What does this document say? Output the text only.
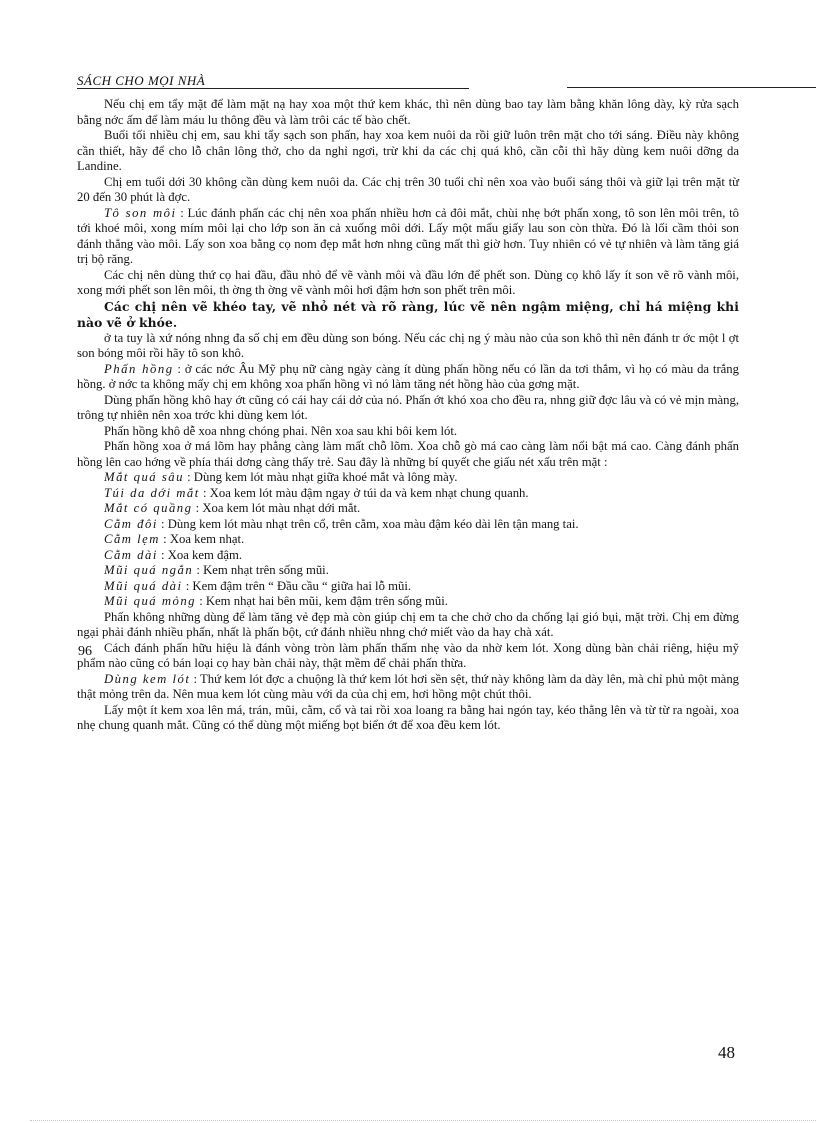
SÁCH CHO MỌI NHÀ

Nếu chị em tẩy mặt để làm mặt nạ hay xoa một thứ kem khác, thì nên dùng bao tay làm bằng khăn lông dày, kỳ rửa sạch bằng nớc ấm để làm máu lu thông đều và làm trôi các tế bào chết.

Buổi tối nhiều chị em, sau khi tẩy sạch son phấn, hay xoa kem nuôi da rồi giữ luôn trên mặt cho tới sáng. Điều này không cần thiết, hãy để cho lỗ chân lông thở, cho da nghỉ ngơi, trừ khi da các chị quá khô, cần cỗi thì hãy dùng kem nuôi dỡng da Landine.

Chị em tuổi dới 30 không cần dùng kem nuôi da. Các chị trên 30 tuổi chỉ nên xoa vào buổi sáng thôi và giữ lại trên mặt từ 20 đến 30 phút là đợc.

Tô son môi : Lúc đánh phấn các chị nên xoa phấn nhiều hơn cả đôi mắt, chùi nhẹ bớt phấn xong, tô son lên môi trên, tô tới khoé môi, xong mím môi lại cho lớp son ăn cả xuống môi dới. Lấy một mẩu giấy lau son còn thừa. Đó là lối cầm thỏi son đánh thẳng vào môi. Lấy son xoa bằng cọ nom đẹp mắt hơn nhng cũng mất thì giờ hơn. Tuy nhiên có vẻ tự nhiên và làm tăng giá trị bộ răng.

Các chị nên dùng thứ cọ hai đầu, đầu nhỏ để vẽ vành môi và đầu lớn để phết son. Dùng cọ khô lấy ít son vẽ rõ vành môi, xong mới phết son lên môi, th ờng th ờng vẽ vành môi hơi đậm hơn son phết trên môi.

Các chị nên vẽ khéo tay, vẽ nhỏ nét và rõ ràng, lúc vẽ nên ngậm miệng, chỉ há miệng khi nào vẽ ở khóe.

ở ta tuy là xứ nóng nhng đa số chị em đều dùng son bóng. Nếu các chị ng ý màu nào của son khô thì nên đánh tr ớc một l ợt son bóng môi rồi hãy tô son khô.

Phấn hồng : ở các nớc Âu Mỹ phụ nữ càng ngày càng ít dùng phấn hồng nếu có lần da tơi thắm, vì họ có màu da trắng hồng. ở nớc ta không mấy chị em không xoa phấn hồng vì nó làm tăng nét hồng hào của gơng mặt.

Dùng phấn hồng khô hay ớt cũng có cái hay cái dở của nó. Phấn ớt khó xoa cho đều ra, nhng giữ đợc lâu và có vẻ mịn màng, trông tự nhiên nên xoa trớc khi dùng kem lót.

Phấn hồng khô dễ xoa nhng chóng phai. Nên xoa sau khi bôi kem lót.

Phấn hồng xoa ở má lõm hay phẳng càng làm mất chỗ lõm. Xoa chỗ gò má cao càng làm nổi bật má cao. Càng đánh phấn hồng lên cao hớng về phía thái dơng càng thấy trẻ. Sau đây là những bí quyết che giấu nét xấu trên mặt :

Mắt quá sâu : Dùng kem lót màu nhạt giữa khoé mắt và lông mày.

Túi da dới mắt : Xoa kem lót màu đậm ngay ở túi da và kem nhạt chung quanh.

Mắt có quầng : Xoa kem lót màu nhạt dới mắt.

Cằm đôi : Dùng kem lót màu nhạt trên cổ, trên cằm, xoa màu đậm kéo dài lên tận mang tai.

Cằm lẹm : Xoa kem nhạt.

Cằm dài : Xoa kem đậm.

Mũi quá ngắn : Kem nhạt trên sống mũi.

Mũi quá dài : Kem đậm trên “ Đầu cầu “ giữa hai lỗ mũi.

Mũi quá mỏng : Kem nhạt hai bên mũi, kem đậm trên sống mũi.

Phấn không những dùng để làm tăng vẻ đẹp mà còn giúp chị em ta che chở cho da chống lại gió bụi, mặt trời. Chị em đừng ngại phải đánh nhiều phấn, nhất là phấn bột, cứ đánh nhiều nhng chớ miết vào da hay chà xát.

Cách đánh phấn hữu hiệu là đánh vòng tròn làm phấn thấm nhẹ vào da nhờ kem lót. Xong dùng bàn chải riêng, hiệu mỹ phẩm nào cũng có bán loại cọ hay bàn chải này, thật mềm để chải phấn thừa.

Dùng kem lót : Thứ kem lót đợc a chuộng là thứ kem lót hơi sền sệt, thứ này không làm da dày lên, mà chỉ phủ một màng thật mỏng trên da. Nên mua kem lót cùng màu với da của chị em, hơi hồng một chút thôi.

Lấy một ít kem xoa lên má, trán, mũi, cằm, cổ và tai rồi xoa loang ra bằng hai ngón tay, kéo thẳng lên và từ từ ra ngoài, xoa nhẹ chung quanh mắt. Cũng có thể dùng một miếng bọt biển ớt để xoa đều kem lót.

96
48
